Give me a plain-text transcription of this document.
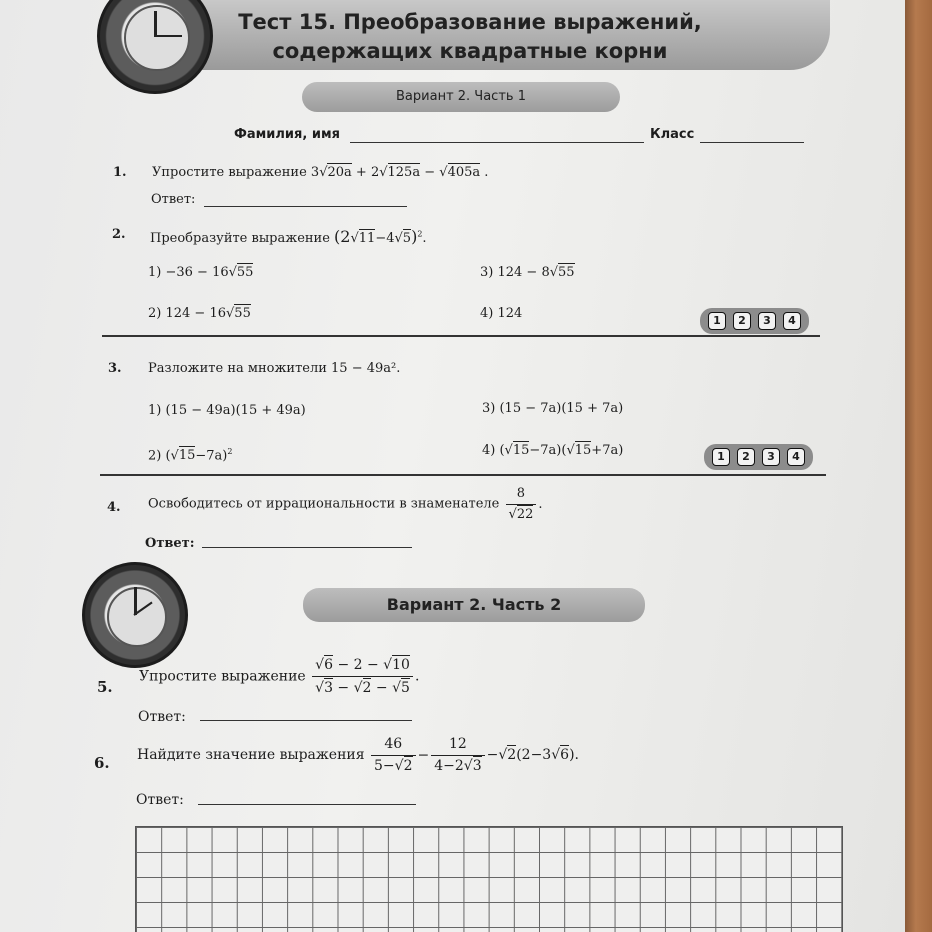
Тест 15. Преобразование выражений,
содержащих квадратные корни
Вариант 2. Часть 1
Фамилия, имя	Класс
1. Упростите выражение 3√20a + 2√125a − √405a .
Ответ:
2. Преобразуйте выражение $(2√11-4√5)^2$.
1) −36 − 16√55	3) 124 − 8√55
2) 124 − 16√55	4) 124	1	2	3	4
3. Разложите на множители 15 − 49a².
1) (15 − 49a)(15 + 49a)	3) (15 − 7a)(15 + 7a)
2) $(√15-7a)^2$	4) (√15−7a)(√15+7a)	1	2	3	4
4. Освободитесь от иррациональности в знаменателе $\frac{8}{√22}$ .
Ответ:
Вариант 2. Часть 2
5.
Упростите выражение $\frac{√6 - 2 - √10}{√3 - √2 - √5}$ .
Ответ:
6. Найдите значение выражения $\frac{46}{5-√2} - \frac{12}{4-2√3} -√2(2-3√6)$.
Ответ:
